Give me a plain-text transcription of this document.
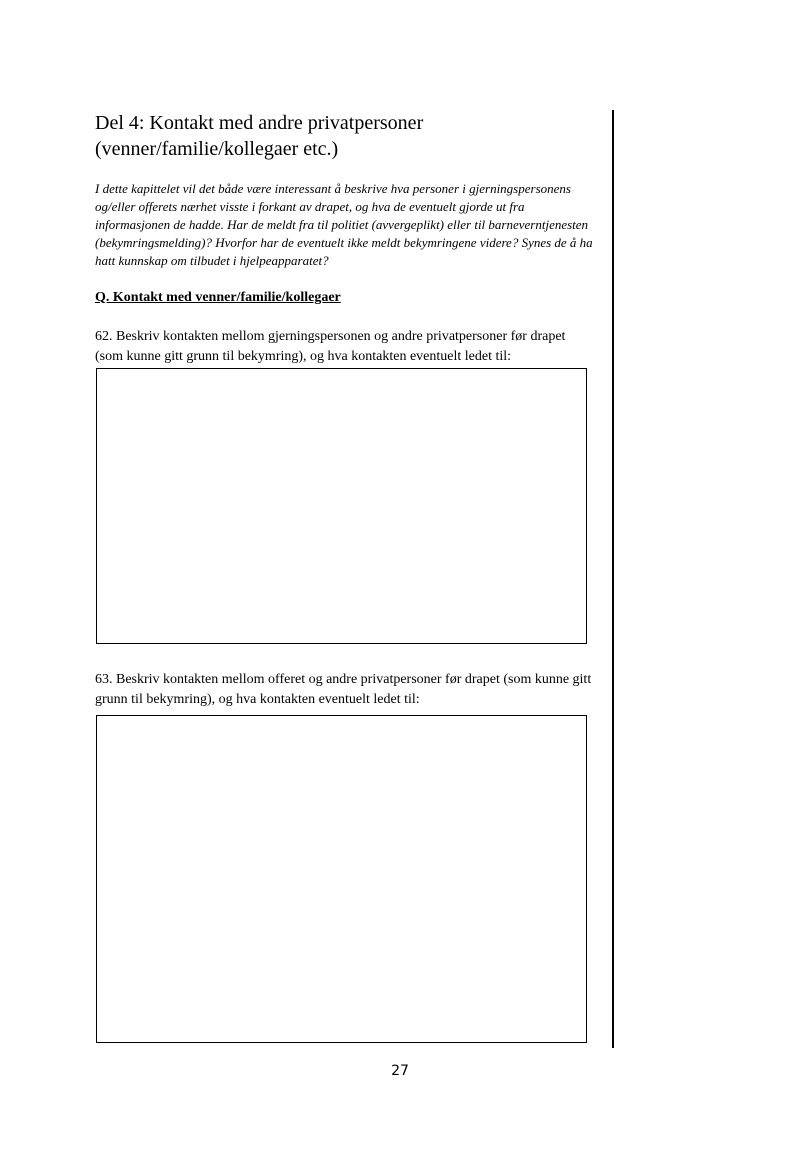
Del 4: Kontakt med andre privatpersoner
(venner/familie/kollegaer etc.)

I dette kapittelet vil det både være interessant å beskrive hva personer i gjerningspersonens og/eller offerets nærhet visste i forkant av drapet, og hva de eventuelt gjorde ut fra informasjonen de hadde. Har de meldt fra til politiet (avvergeplikt) eller til barneverntjenesten (bekymringsmelding)? Hvorfor har de eventuelt ikke meldt bekymringene videre? Synes de å ha hatt kunnskap om tilbudet i hjelpeapparatet?

Q. Kontakt med venner/familie/kollegaer

62. Beskriv kontakten mellom gjerningspersonen og andre privatpersoner før drapet (som kunne gitt grunn til bekymring), og hva kontakten eventuelt ledet til:

63. Beskriv kontakten mellom offeret og andre privatpersoner før drapet (som kunne gitt grunn til bekymring), og hva kontakten eventuelt ledet til:

27
